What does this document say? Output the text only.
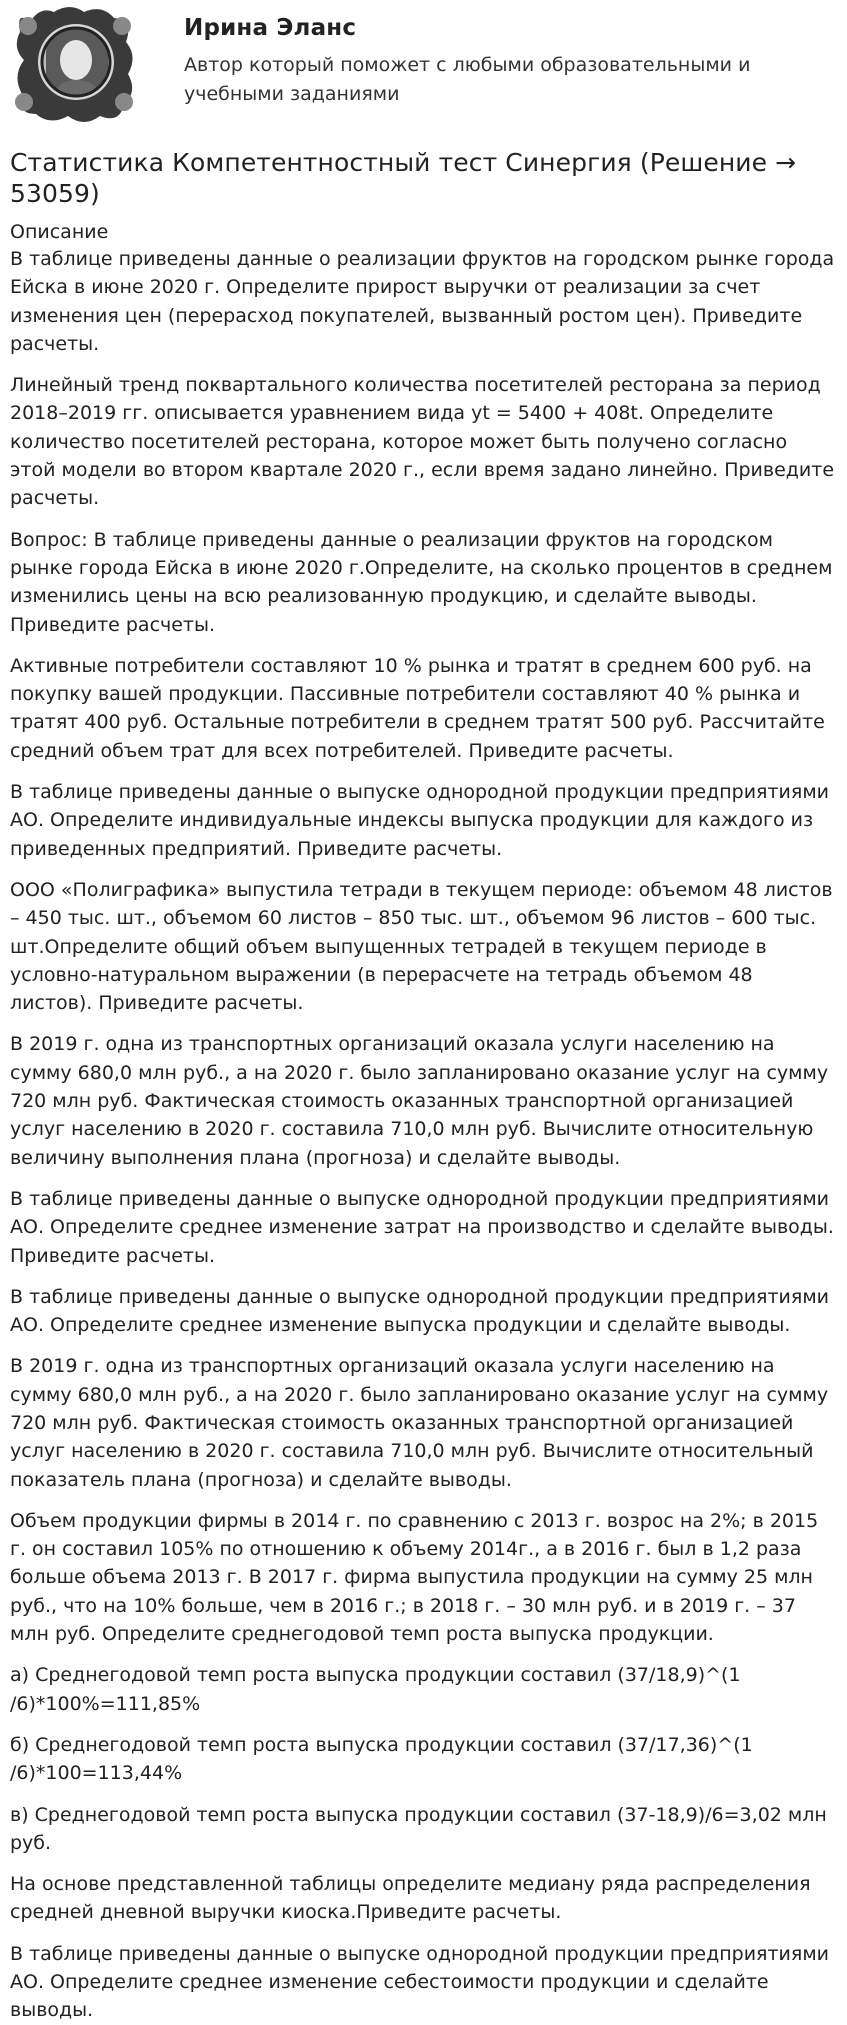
Ирина Эланс
Автор который поможет с любыми образовательными и учебными заданиями
Статистика Компетентностный тест Синергия (Решение → 53059)
Описание

В таблице приведены данные о реализации фруктов на городском рынке города Ейска в июне 2020 г. Определите прирост выручки от реализации за счет изменения цен (перерасход покупателей, вызванный ростом цен). Приведите расчеты.

Линейный тренд поквартального количества посетителей ресторана за период 2018–2019 гг. описывается уравнением вида yt = 5400 + 408t. Определите количество посетителей ресторана, которое может быть получено согласно этой модели во втором квартале 2020 г., если время задано линейно. Приведите расчеты.

Вопрос: В таблице приведены данные о реализации фруктов на городском рынке города Ейска в июне 2020 г.Определите, на сколько процентов в среднем изменились цены на всю реализованную продукцию, и сделайте выводы. Приведите расчеты.

Активные потребители составляют 10 % рынка и тратят в среднем 600 руб. на покупку вашей продукции. Пассивные потребители составляют 40 % рынка и тратят 400 руб. Остальные потребители в среднем тратят 500 руб. Рассчитайте средний объем трат для всех потребителей. Приведите расчеты.

В таблице приведены данные о выпуске однородной продукции предприятиями АО. Определите индивидуальные индексы выпуска продукции для каждого из приведенных предприятий. Приведите расчеты.

ООО «Полиграфика» выпустила тетради в текущем периоде: объемом 48 листов – 450 тыс. шт., объемом 60 листов – 850 тыс. шт., объемом 96 листов – 600 тыс. шт.Определите общий объем выпущенных тетрадей в текущем периоде в условно-натуральном выражении (в перерасчете на тетрадь объемом 48 листов). Приведите расчеты.

В 2019 г. одна из транспортных организаций оказала услуги населению на сумму 680,0 млн руб., а на 2020 г. было запланировано оказание услуг на сумму 720 млн руб. Фактическая стоимость оказанных транспортной организацией услуг населению в 2020 г. составила 710,0 млн руб. Вычислите относительную величину выполнения плана (прогноза) и сделайте выводы.

В таблице приведены данные о выпуске однородной продукции предприятиями АО. Определите среднее изменение затрат на производство и сделайте выводы. Приведите расчеты.

В таблице приведены данные о выпуске однородной продукции предприятиями АО. Определите среднее изменение выпуска продукции и сделайте выводы.

В 2019 г. одна из транспортных организаций оказала услуги населению на сумму 680,0 млн руб., а на 2020 г. было запланировано оказание услуг на сумму 720 млн руб. Фактическая стоимость оказанных транспортной организацией услуг населению в 2020 г. составила 710,0 млн руб. Вычислите относительный показатель плана (прогноза) и сделайте выводы.

Объем продукции фирмы в 2014 г. по сравнению с 2013 г. возрос на 2%; в 2015 г. он составил 105% по отношению к объему 2014г., а в 2016 г. был в 1,2 раза больше объема 2013 г. В 2017 г. фирма выпустила продукции на сумму 25 млн руб., что на 10% больше, чем в 2016 г.; в 2018 г. – 30 млн руб. и в 2019 г. – 37 млн руб. Определите среднегодовой темп роста выпуска продукции.

а) Среднегодовой темп роста выпуска продукции составил (37/18,9)^(1 /6)*100%=111,85%

б) Среднегодовой темп роста выпуска продукции составил (37/17,36)^(1 /6)*100=113,44%

в) Среднегодовой темп роста выпуска продукции составил (37-18,9)/6=3,02 млн руб.

На основе представленной таблицы определите медиану ряда распределения средней дневной выручки киоска.Приведите расчеты.

В таблице приведены данные о выпуске однородной продукции предприятиями АО. Определите среднее изменение себестоимости продукции и сделайте выводы.
